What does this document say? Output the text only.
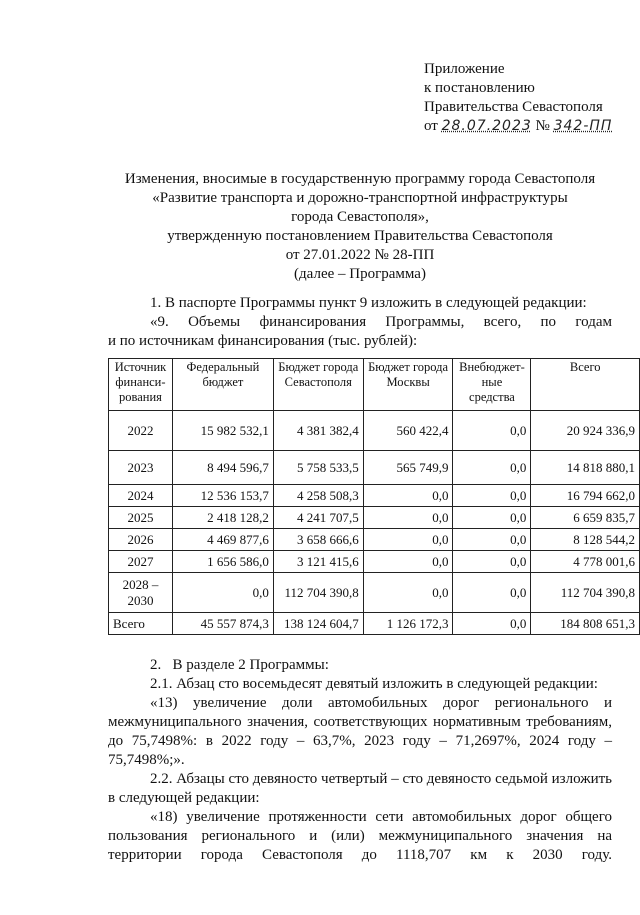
Приложение
к постановлению
Правительства Севастополя
от 28.07.2023 № 342-ПП
Изменения, вносимые в государственную программу города Севастополя
«Развитие транспорта и дорожно-транспортной инфраструктуры
города Севастополя»,
утвержденную постановлением Правительства Севастополя
от 27.01.2022 № 28-ПП
(далее – Программа)
1. В паспорте Программы пункт 9 изложить в следующей редакции:
«9. Объемы финансирования Программы, всего, по годам
и по источникам финансирования (тыс. рублей):
Источник финанси-рования	Федеральный бюджет	Бюджет города Севастополя	Бюджет города Москвы	Внебюджет-ные средства	Всего
2022	15 982 532,1	4 381 382,4	560 422,4	0,0	20 924 336,9
2023	8 494 596,7	5 758 533,5	565 749,9	0,0	14 818 880,1
2024	12 536 153,7	4 258 508,3	0,0	0,0	16 794 662,0
2025	2 418 128,2	4 241 707,5	0,0	0,0	6 659 835,7
2026	4 469 877,6	3 658 666,6	0,0	0,0	8 128 544,2
2027	1 656 586,0	3 121 415,6	0,0	0,0	4 778 001,6
2028 – 2030	0,0	112 704 390,8	0,0	0,0	112 704 390,8
Всего	45 557 874,3	138 124 604,7	1 126 172,3	0,0	184 808 651,3
2.   В разделе 2 Программы:
2.1. Абзац сто восемьдесят девятый изложить в следующей редакции:
«13) увеличение доли автомобильных дорог регионального и межмуниципального значения, соответствующих нормативным требованиям, до 75,7498%: в 2022 году – 63,7%, 2023 году – 71,2697%, 2024 году – 75,7498%;».
2.2. Абзацы сто девяносто четвертый – сто девяносто седьмой изложить в следующей редакции:
«18) увеличение протяженности сети автомобильных дорог общего пользования регионального и (или) межмуниципального значения на территории города Севастополя до 1118,707 км к 2030 году.
